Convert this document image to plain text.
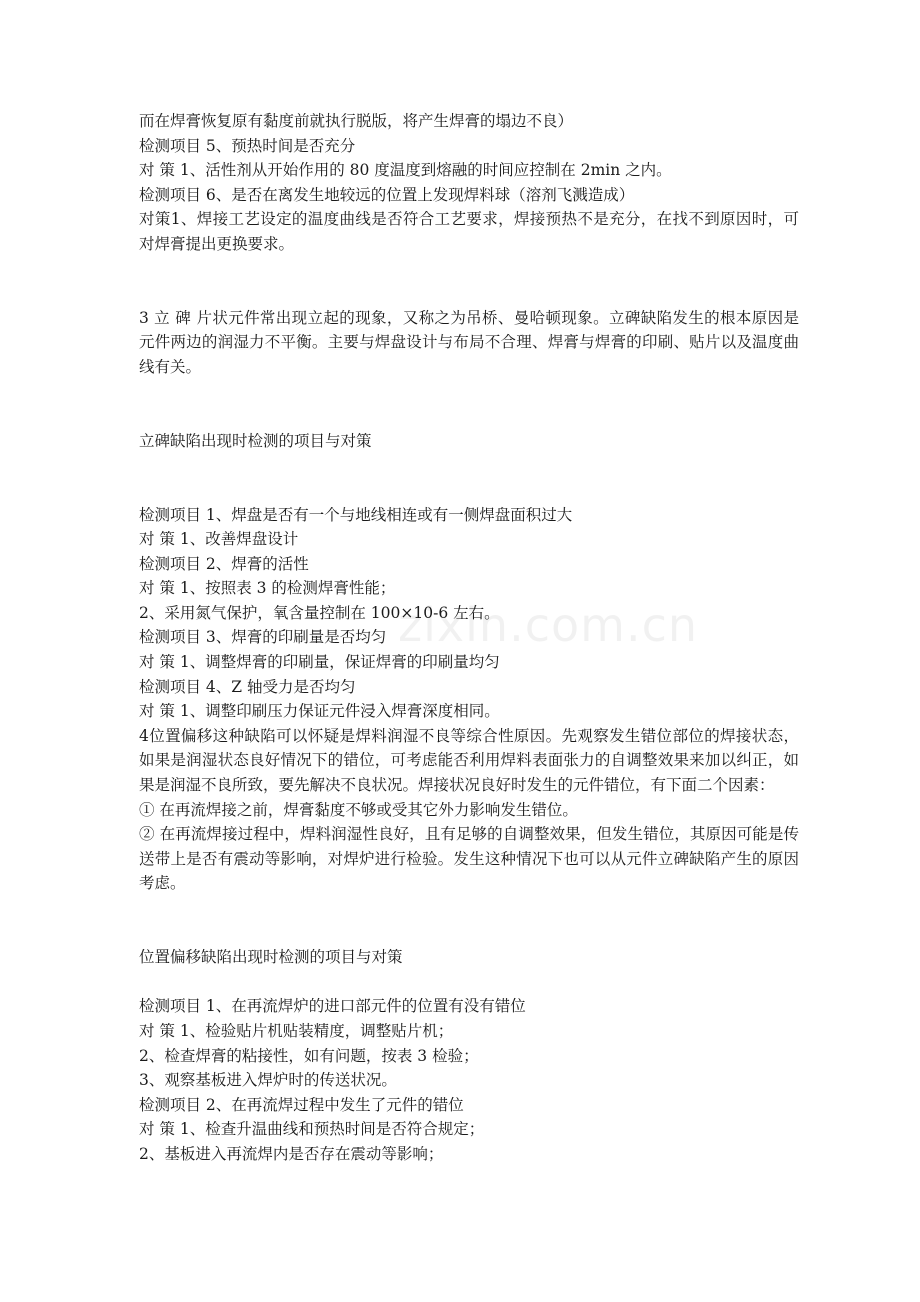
zixin.com.cn

而在焊膏恢复原有黏度前就执行脱版，将产生焊膏的塌边不良）

检测项目 5、预热时间是否充分

对 策 1、活性剂从开始作用的 80 度温度到熔融的时间应控制在 2min 之内。

检测项目 6、是否在离发生地较远的位置上发现焊料球（溶剂飞溅造成）

对策1、焊接工艺设定的温度曲线是否符合工艺要求，焊接预热不是充分，在找不到原因时，可对焊膏提出更换要求。

3 立 碑 片状元件常出现立起的现象，又称之为吊桥、曼哈顿现象。立碑缺陷发生的根本原因是元件两边的润湿力不平衡。主要与焊盘设计与布局不合理、焊膏与焊膏的印刷、贴片以及温度曲线有关。

立碑缺陷出现时检测的项目与对策

检测项目 1、焊盘是否有一个与地线相连或有一侧焊盘面积过大

对 策 1、改善焊盘设计

检测项目 2、焊膏的活性

对 策 1、按照表 3 的检测焊膏性能；

2、采用氮气保护，氧含量控制在 100×10-6 左右。

检测项目 3、焊膏的印刷量是否均匀

对 策 1、调整焊膏的印刷量，保证焊膏的印刷量均匀

检测项目 4、Z 轴受力是否均匀

对 策 1、调整印刷压力保证元件浸入焊膏深度相同。

4位置偏移这种缺陷可以怀疑是焊料润湿不良等综合性原因。先观察发生错位部位的焊接状态，如果是润湿状态良好情况下的错位，可考虑能否利用焊料表面张力的自调整效果来加以纠正，如果是润湿不良所致，要先解决不良状况。焊接状况良好时发生的元件错位，有下面二个因素：

① 在再流焊接之前，焊膏黏度不够或受其它外力影响发生错位。

② 在再流焊接过程中，焊料润湿性良好，且有足够的自调整效果，但发生错位，其原因可能是传送带上是否有震动等影响，对焊炉进行检验。发生这种情况下也可以从元件立碑缺陷产生的原因考虑。

位置偏移缺陷出现时检测的项目与对策

检测项目 1、在再流焊炉的进口部元件的位置有没有错位

对 策 1、检验贴片机贴装精度，调整贴片机；

2、检查焊膏的粘接性，如有问题，按表 3 检验；

3、观察基板进入焊炉时的传送状况。

检测项目 2、在再流焊过程中发生了元件的错位

对 策 1、检查升温曲线和预热时间是否符合规定；

2、基板进入再流焊内是否存在震动等影响；
